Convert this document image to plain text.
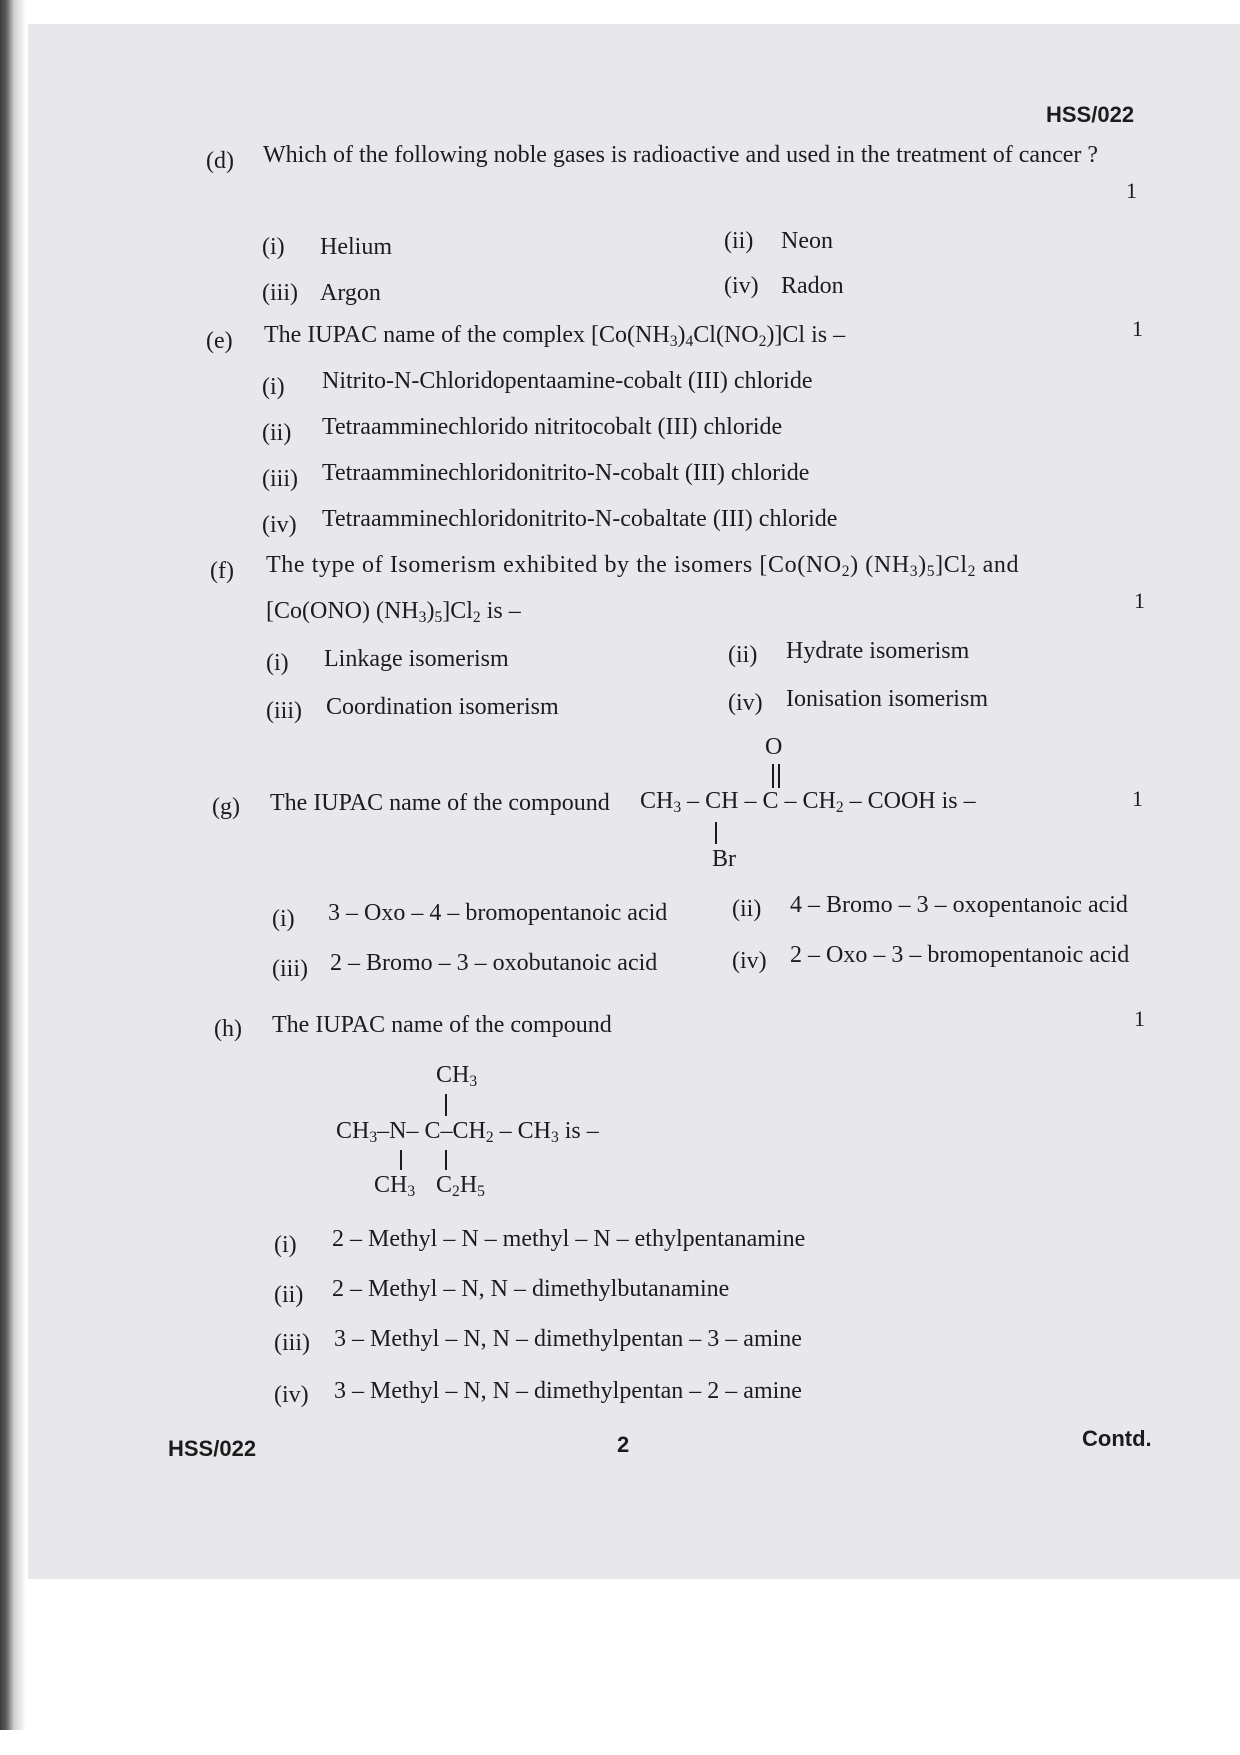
HSS/022
(d) Which of the following noble gases is radioactive and used in the treatment of cancer ?
1
(i) Helium	(ii) Neon
(iii) Argon	(iv) Radon
(e) The IUPAC name of the complex $[Co(NH_3)_4Cl(NO_2)]Cl$ is –	1
(i) Nitrito-N-Chloridopentaamine-cobalt (III) chloride
(ii) Tetraamminechlorido nitritocobalt (III) chloride
(iii) Tetraamminechloridonitrito-N-cobalt (III) chloride
(iv) Tetraamminechloridonitrito-N-cobaltate (III) chloride
(f) The type of Isomerism exhibited by the isomers [$Co(NO_2)$ $(NH_3)_5]Cl_2$ and
[Co(ONO) $(NH_3)_5]Cl_2$ is –	1
(i) Linkage isomerism	(ii) Hydrate isomerism
(iii) Coordination isomerism	(iv) Ionisation isomerism
(g) The IUPAC name of the compound $CH_3$ – CH – C – $CH_2$ – COOH is –
O
Br
1
(i) 3 – Oxo – 4 – bromopentanoic acid	(ii) 4 – Bromo – 3 – oxopentanoic acid
(iii) 2 – Bromo – 3 – oxobutanoic acid	(iv) 2 – Oxo – 3 – bromopentanoic acid
(h) The IUPAC name of the compound	1
$CH_3$
$CH_3-N-$ $C-CH_2 - CH_3$ is –
$CH_3$ $C_2H_5$
(i) 2 – Methyl – N – methyl – N – ethylpentanamine
(ii) 2 – Methyl – N, N – dimethylbutanamine
(iii) 3 – Methyl – N, N – dimethylpentan – 3 – amine
(iv) 3 – Methyl – N, N – dimethylpentan – 2 – amine
HSS/022	2	Contd.
